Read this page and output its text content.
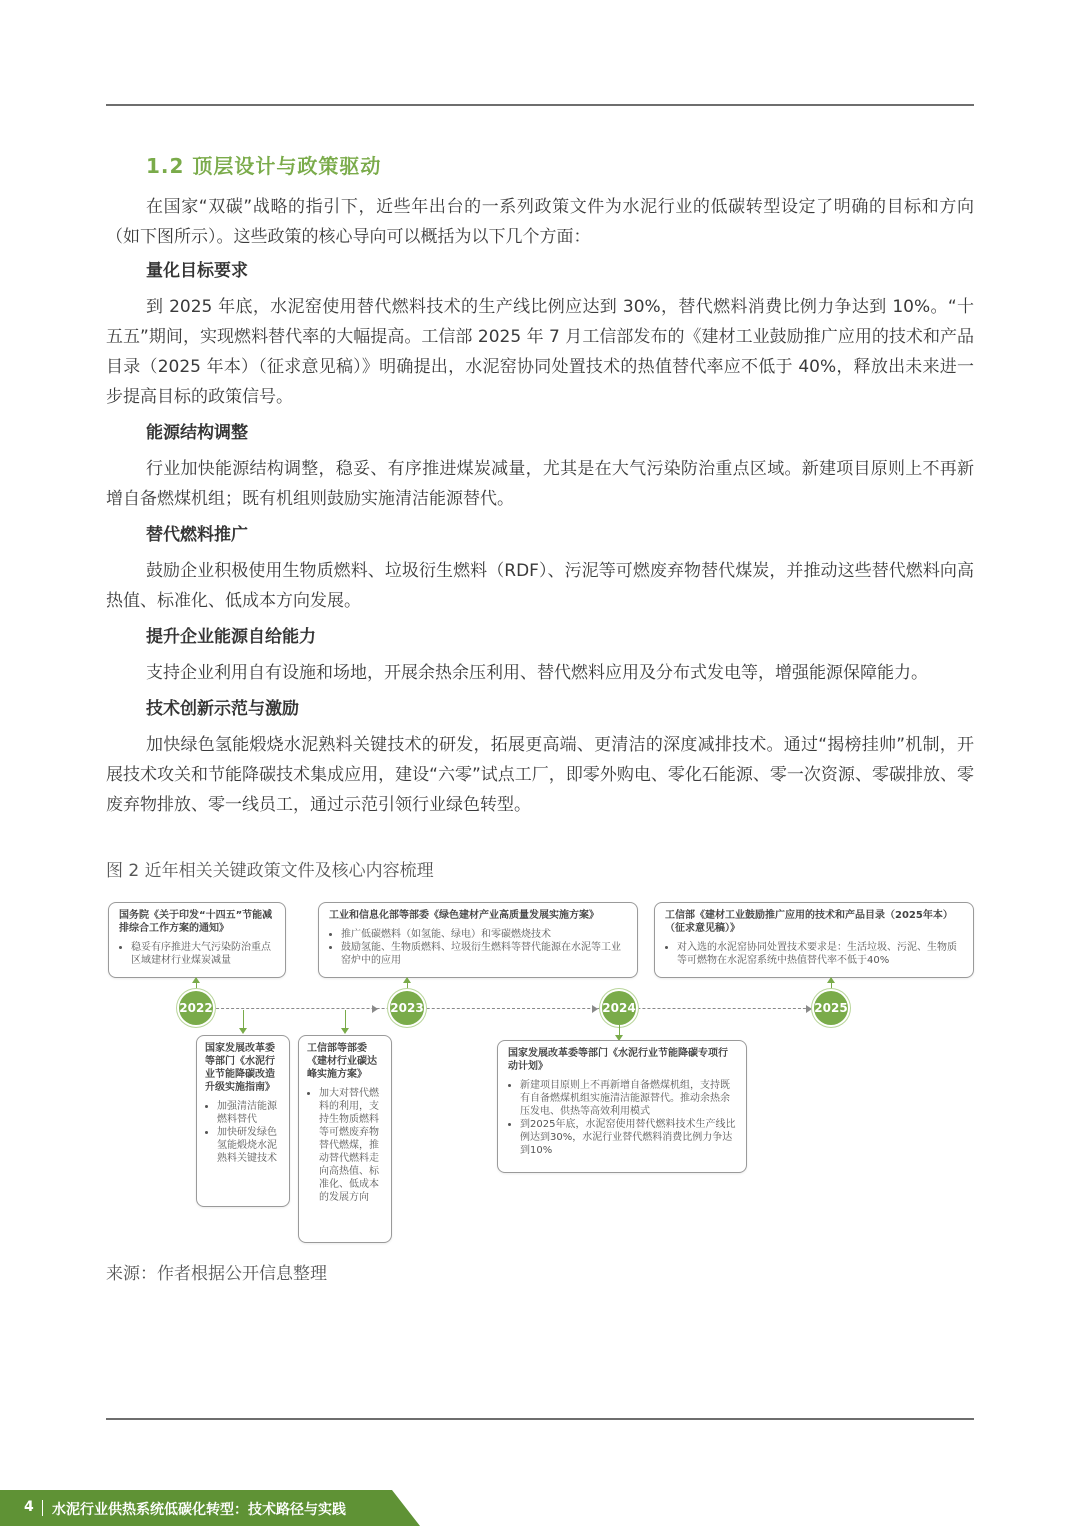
1.2 顶层设计与政策驱动

在国家“双碳”战略的指引下，近些年出台的一系列政策文件为水泥行业的低碳转型设定了明确的目标和方向（如下图所示）。这些政策的核心导向可以概括为以下几个方面：

量化目标要求

到 2025 年底，水泥窑使用替代燃料技术的生产线比例应达到 30%，替代燃料消费比例力争达到 10%。“十五五”期间，实现燃料替代率的大幅提高。工信部 2025 年 7 月工信部发布的《建材工业鼓励推广应用的技术和产品目录（2025 年本）（征求意见稿）》明确提出，水泥窑协同处置技术的热值替代率应不低于 40%，释放出未来进一步提高目标的政策信号。

能源结构调整

行业加快能源结构调整，稳妥、有序推进煤炭减量，尤其是在大气污染防治重点区域。新建项目原则上不再新增自备燃煤机组；既有机组则鼓励实施清洁能源替代。

替代燃料推广

鼓励企业积极使用生物质燃料、垃圾衍生燃料（RDF）、污泥等可燃废弃物替代煤炭，并推动这些替代燃料向高热值、标准化、低成本方向发展。

提升企业能源自给能力

支持企业利用自有设施和场地，开展余热余压利用、替代燃料应用及分布式发电等，增强能源保障能力。

技术创新示范与激励

加快绿色氢能煅烧水泥熟料关键技术的研发，拓展更高端、更清洁的深度减排技术。通过“揭榜挂帅”机制，开展技术攻关和节能降碳技术集成应用，建设“六零”试点工厂，即零外购电、零化石能源、零一次资源、零碳排放、零废弃物排放、零一线员工，通过示范引领行业绿色转型。

图 2 近年相关关键政策文件及核心内容梳理
国务院《关于印发“十四五”节能减排综合工作方案的通知》
• 稳妥有序推进大气污染防治重点区域建材行业煤炭减量
工业和信息化部等部委《绿色建材产业高质量发展实施方案》
• 推广低碳燃料（如氢能、绿电）和零碳燃烧技术
• 鼓励氢能、生物质燃料、垃圾衍生燃料等替代能源在水泥等工业窑炉中的应用
工信部《建材工业鼓励推广应用的技术和产品目录（2025年本）（征求意见稿）》
• 对入选的水泥窑协同处置技术要求是：生活垃圾、污泥、生物质等可燃物在水泥窑系统中热值替代率不低于40%
2022	2023	2024	2025
国家发展改革委等部门《水泥行业节能降碳改造升级实施指南》
• 加强清洁能源燃料替代
• 加快研发绿色氢能煅烧水泥熟料关键技术
工信部等部委《建材行业碳达峰实施方案》
• 加大对替代燃料的利用，支持生物质燃料等可燃废弃物替代燃煤，推动替代燃料走向高热值、标准化、低成本的发展方向
国家发展改革委等部门《水泥行业节能降碳专项行动计划》
• 新建项目原则上不再新增自备燃煤机组，支持既有自备燃煤机组实施清洁能源替代。推动余热余压发电、供热等高效利用模式
• 到2025年底，水泥窑使用替代燃料技术生产线比例达到30%，水泥行业替代燃料消费比例力争达到10%
来源：作者根据公开信息整理
4 水泥行业供热系统低碳化转型：技术路径与实践
